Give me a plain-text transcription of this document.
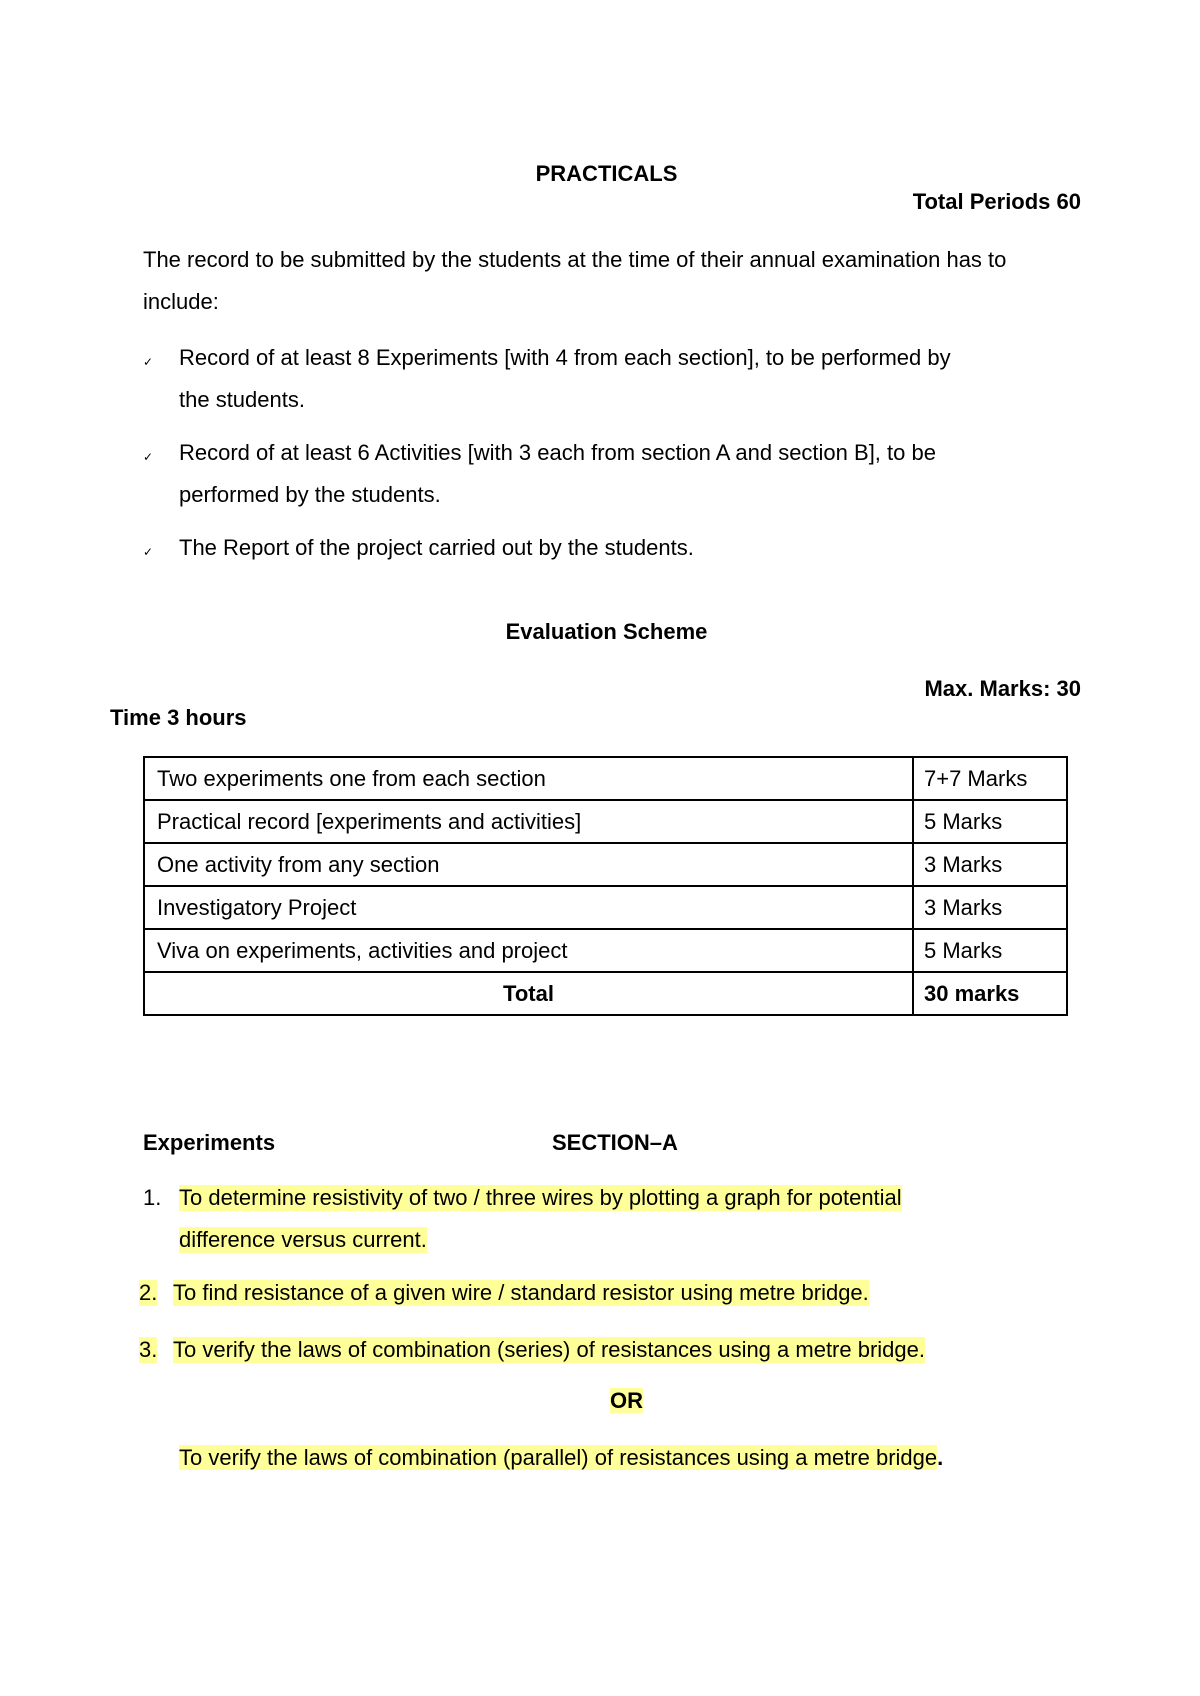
PRACTICALS
Total Periods 60
The record to be submitted by the students at the time of their annual examination has to
include:
✓ Record of at least 8 Experiments [with 4 from each section], to be performed by
the students.
✓ Record of at least 6 Activities [with 3 each from section A and section B], to be
performed by the students.
✓ The Report of the project carried out by the students.
Evaluation Scheme
Max. Marks: 30
Time 3 hours
Two experiments one from each section	7+7 Marks
Practical record [experiments and activities]	5 Marks
One activity from any section	3 Marks
Investigatory Project	3 Marks
Viva on experiments, activities and project	5 Marks
Total	30 marks
Experiments	SECTION–A
1. To determine resistivity of two / three wires by plotting a graph for potential
difference versus current.
2. To find resistance of a given wire / standard resistor using metre bridge.
3. To verify the laws of combination (series) of resistances using a metre bridge.
OR
To verify the laws of combination (parallel) of resistances using a metre bridge.
